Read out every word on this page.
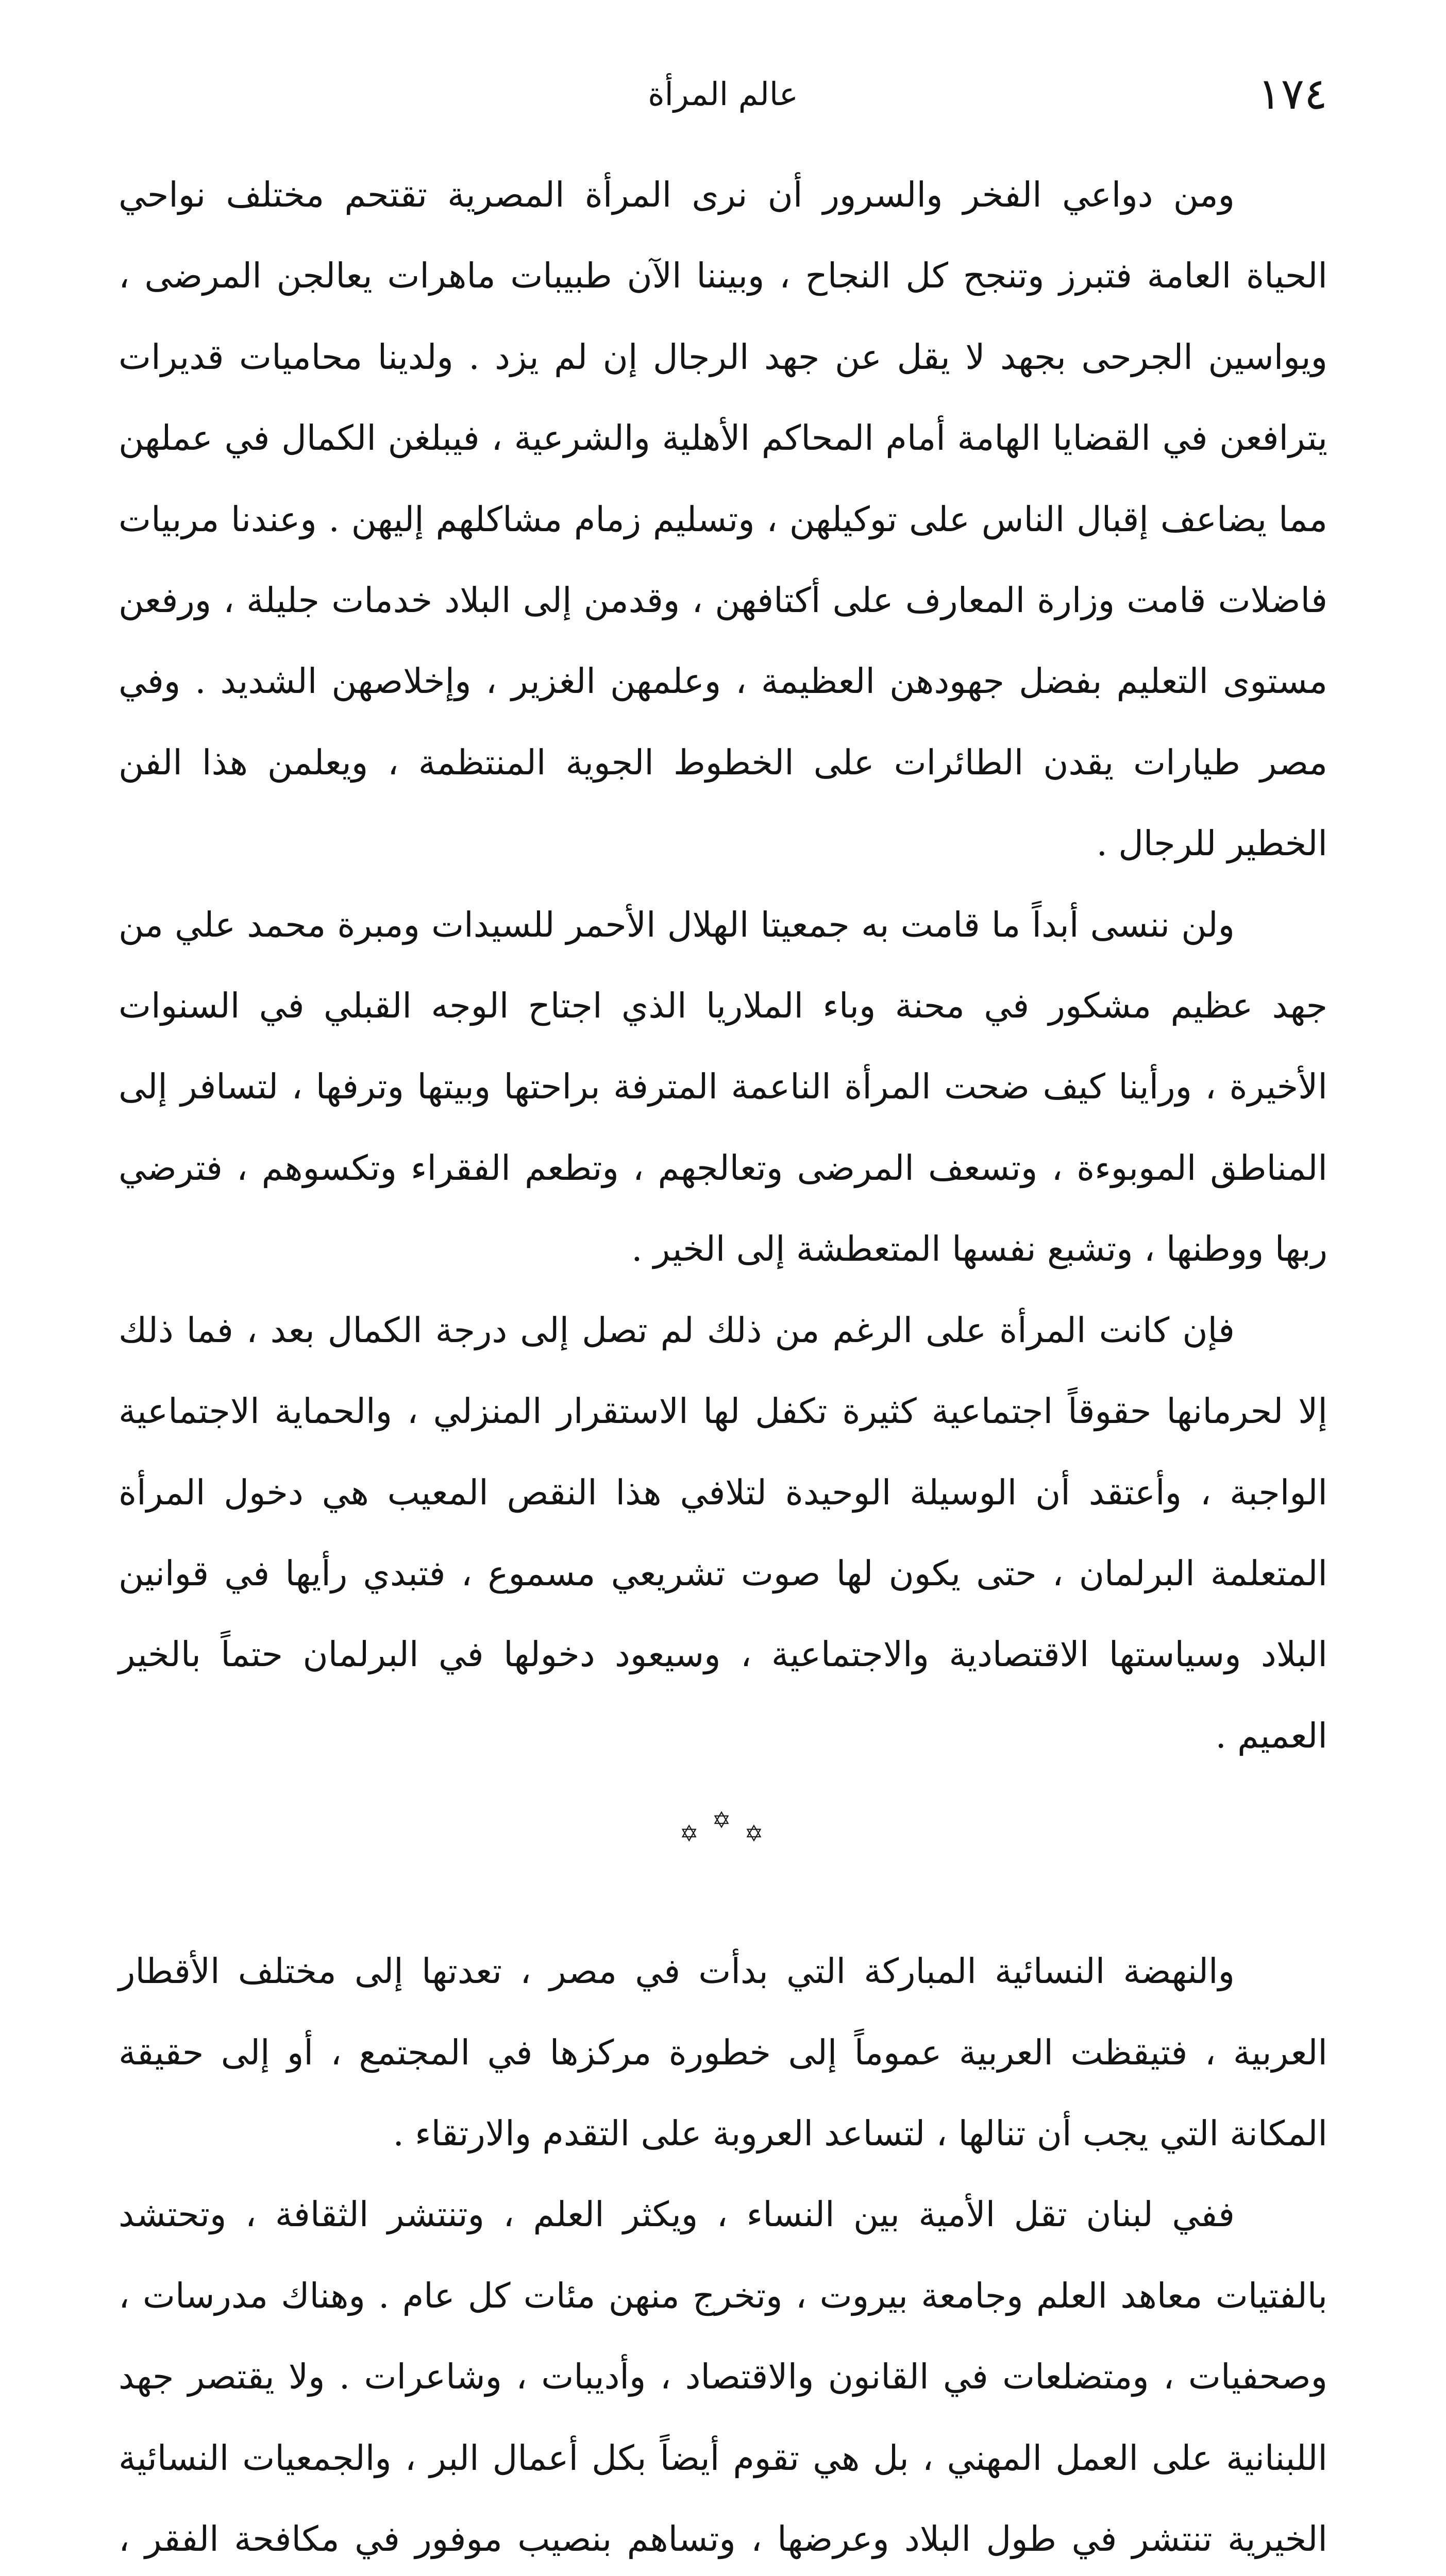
١٧٤
عالم المرأة

ومن دواعي الفخر والسرور أن نرى المرأة المصرية تقتحم مختلف نواحي الحياة العامة فتبرز وتنجح كل النجاح ، وبيننا الآن طبيبات ماهرات يعالجن المرضى ، ويواسين الجرحى بجهد لا يقل عن جهد الرجال إن لم يزد . ولدينا محاميات قديرات يترافعن في القضايا الهامة أمام المحاكم الأهلية والشرعية ، فيبلغن الكمال في عملهن مما يضاعف إقبال الناس على توكيلهن ، وتسليم زمام مشاكلهم إليهن . وعندنا مربيات فاضلات قامت وزارة المعارف على أكتافهن ، وقدمن إلى البلاد خدمات جليلة ، ورفعن مستوى التعليم بفضل جهودهن العظيمة ، وعلمهن الغزير ، وإخلاصهن الشديد . وفي مصر طيارات يقدن الطائرات على الخطوط الجوية المنتظمة ، ويعلمن هذا الفن الخطير للرجال .

ولن ننسى أبداً ما قامت به جمعيتا الهلال الأحمر للسيدات ومبرة محمد علي من جهد عظيم مشكور في محنة وباء الملاريا الذي اجتاح الوجه القبلي في السنوات الأخيرة ، ورأينا كيف ضحت المرأة الناعمة المترفة براحتها وبيتها وترفها ، لتسافر إلى المناطق الموبوءة ، وتسعف المرضى وتعالجهم ، وتطعم الفقراء وتكسوهم ، فترضي ربها ووطنها ، وتشبع نفسها المتعطشة إلى الخير .

فإن كانت المرأة على الرغم من ذلك لم تصل إلى درجة الكمال بعد ، فما ذلك إلا لحرمانها حقوقاً اجتماعية كثيرة تكفل لها الاستقرار المنزلي ، والحماية الاجتماعية الواجبة ، وأعتقد أن الوسيلة الوحيدة لتلافي هذا النقص المعيب هي دخول المرأة المتعلمة البرلمان ، حتى يكون لها صوت تشريعي مسموع ، فتبدي رأيها في قوانين البلاد وسياستها الاقتصادية والاجتماعية ، وسيعود دخولها في البرلمان حتماً بالخير العميم .

✡ ✡ ✡

والنهضة النسائية المباركة التي بدأت في مصر ، تعدتها إلى مختلف الأقطار العربية ، فتيقظت العربية عموماً إلى خطورة مركزها في المجتمع ، أو إلى حقيقة المكانة التي يجب أن تنالها ، لتساعد العروبة على التقدم والارتقاء .

ففي لبنان تقل الأمية بين النساء ، ويكثر العلم ، وتنتشر الثقافة ، وتحتشد بالفتيات معاهد العلم وجامعة بيروت ، وتخرج منهن مئات كل عام . وهناك مدرسات ، وصحفيات ، ومتضلعات في القانون والاقتصاد ، وأديبات ، وشاعرات . ولا يقتصر جهد اللبنانية على العمل المهني ، بل هي تقوم أيضاً بكل أعمال البر ، والجمعيات النسائية الخيرية تنتشر في طول البلاد وعرضها ، وتساهم بنصيب موفور في مكافحة الفقر ،
